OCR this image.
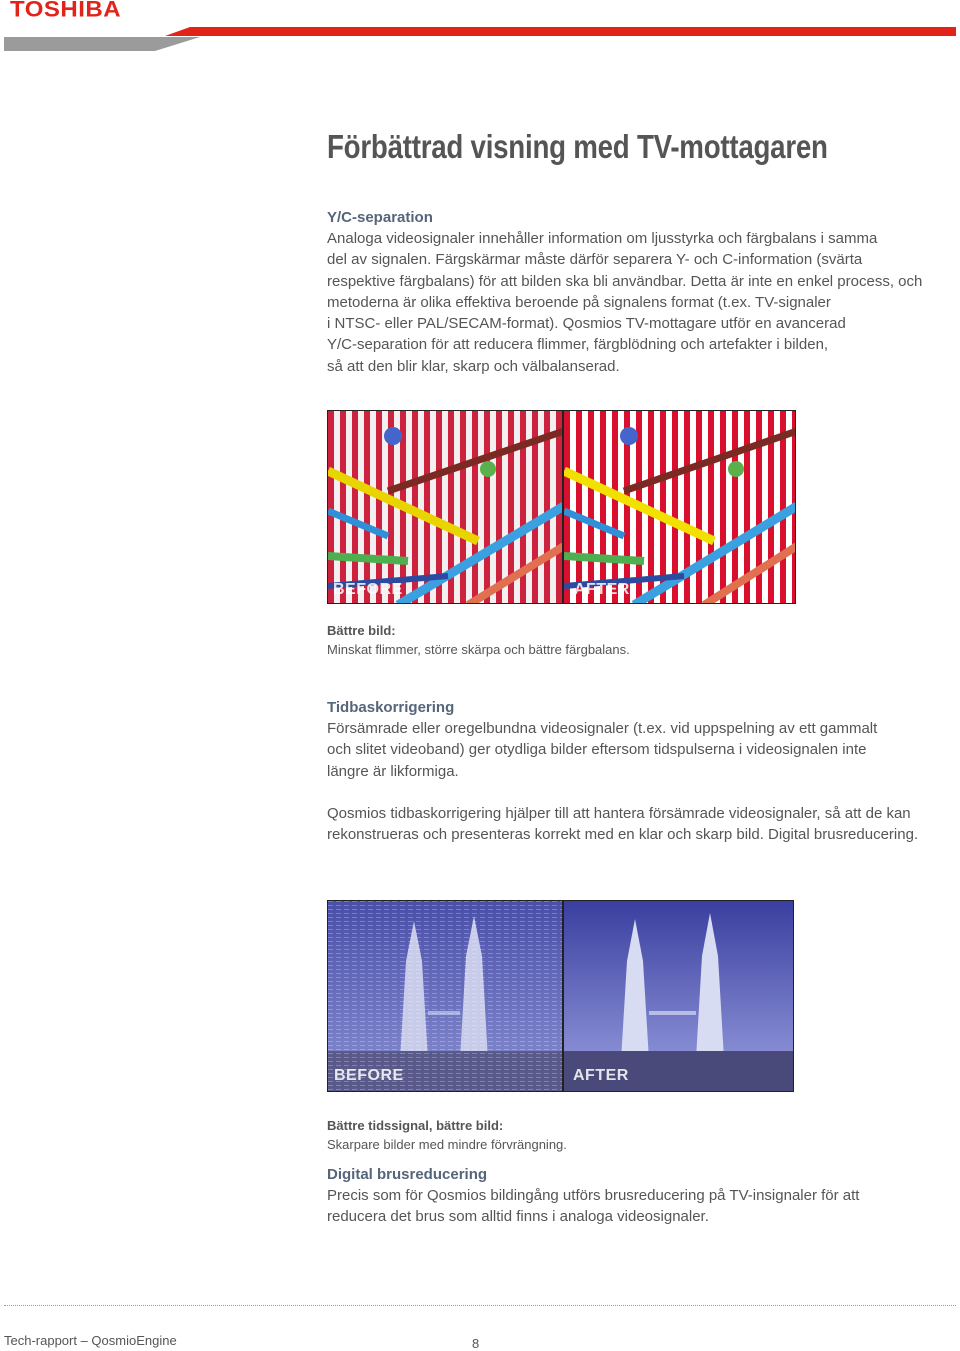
TOSHIBA
Förbättrad visning med TV-mottagaren
Y/C-separation
Analoga videosignaler innehåller information om ljusstyrka och färgbalans i samma
del av signalen. Färgskärmar måste därför separera Y- och C-information (svärta
respektive färgbalans) för att bilden ska bli användbar. Detta är inte en enkel process, och
metoderna är olika effektiva beroende på signalens format (t.ex. TV-signaler
i NTSC- eller PAL/SECAM-format). Qosmios TV-mottagare utför en avancerad
Y/C-separation för att reducera flimmer, färgblödning och artefakter i bilden,
så att den blir klar, skarp och välbalanserad.
BEFORE	AFTER
Bättre bild:
Minskat flimmer, större skärpa och bättre färgbalans.
Tidbaskorrigering
Försämrade eller oregelbundna videosignaler (t.ex. vid uppspelning av ett gammalt
och slitet videoband) ger otydliga bilder eftersom tidspulserna i videosignalen inte
längre är likformiga.
Qosmios tidbaskorrigering hjälper till att hantera försämrade videosignaler, så att de kan
rekonstrueras och presenteras korrekt med en klar och skarp bild. Digital brusreducering.
BEFORE	AFTER
Bättre tidssignal, bättre bild:
Skarpare bilder med mindre förvrängning.
Digital brusreducering
Precis som för Qosmios bildingång utförs brusreducering på TV-insignaler för att
reducera det brus som alltid finns i analoga videosignaler.
Tech-rapport – QosmioEngine	8
